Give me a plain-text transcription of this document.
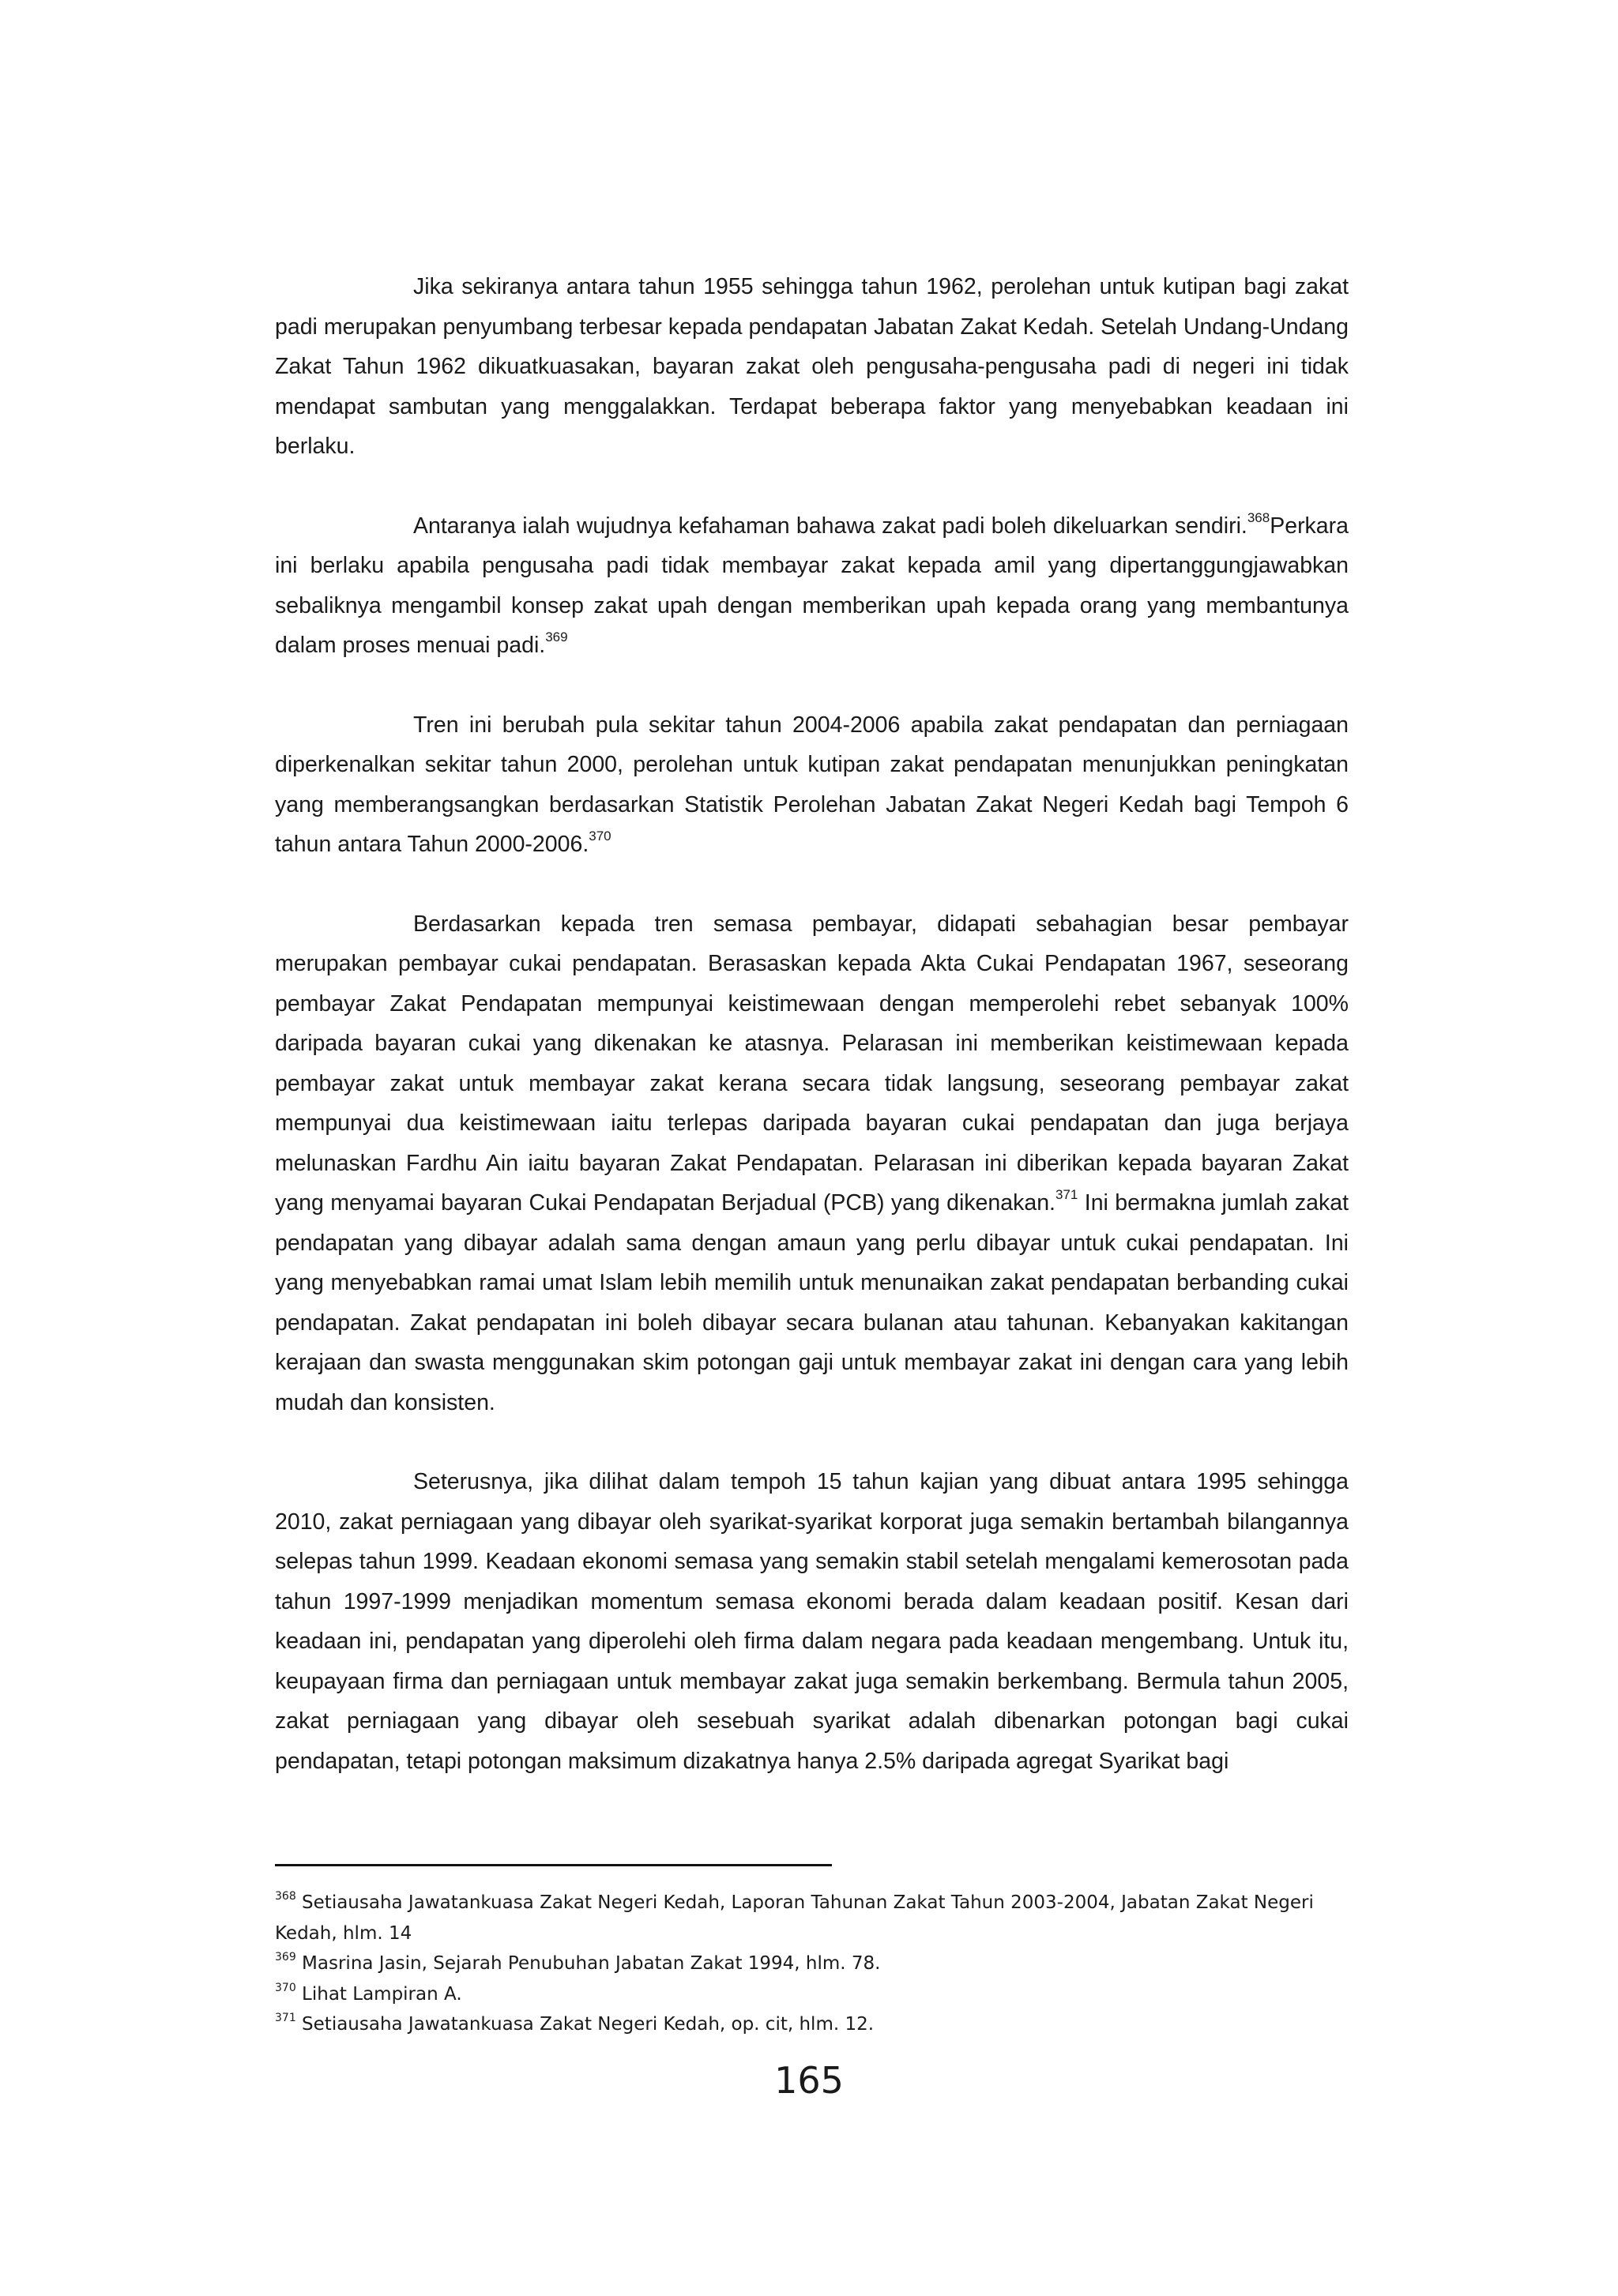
Jika sekiranya antara tahun 1955 sehingga tahun 1962, perolehan untuk kutipan bagi zakat padi merupakan penyumbang terbesar kepada pendapatan Jabatan Zakat Kedah. Setelah Undang-Undang Zakat Tahun 1962 dikuatkuasakan, bayaran zakat oleh pengusaha-pengusaha padi di negeri ini tidak mendapat sambutan yang menggalakkan. Terdapat beberapa faktor yang menyebabkan keadaan ini berlaku.

Antaranya ialah wujudnya kefahaman bahawa zakat padi boleh dikeluarkan sendiri.$^{368}$Perkara ini berlaku apabila pengusaha padi tidak membayar zakat kepada amil yang dipertanggungjawabkan sebaliknya mengambil konsep zakat upah dengan memberikan upah kepada orang yang membantunya dalam proses menuai padi.$^{369}$

Tren ini berubah pula sekitar tahun 2004-2006 apabila zakat pendapatan dan perniagaan diperkenalkan sekitar tahun 2000, perolehan untuk kutipan zakat pendapatan menunjukkan peningkatan yang memberangsangkan berdasarkan Statistik Perolehan Jabatan Zakat Negeri Kedah bagi Tempoh 6 tahun antara Tahun 2000-2006.$^{370}$

Berdasarkan kepada tren semasa pembayar, didapati sebahagian besar pembayar merupakan pembayar cukai pendapatan. Berasaskan kepada Akta Cukai Pendapatan 1967, seseorang pembayar Zakat Pendapatan mempunyai keistimewaan dengan memperolehi rebet sebanyak 100% daripada bayaran cukai yang dikenakan ke atasnya. Pelarasan ini memberikan keistimewaan kepada pembayar zakat untuk membayar zakat kerana secara tidak langsung, seseorang pembayar zakat mempunyai dua keistimewaan iaitu terlepas daripada bayaran cukai pendapatan dan juga berjaya melunaskan Fardhu Ain iaitu bayaran Zakat Pendapatan. Pelarasan ini diberikan kepada bayaran Zakat yang menyamai bayaran Cukai Pendapatan Berjadual (PCB) yang dikenakan.$^{371}$ Ini bermakna jumlah zakat pendapatan yang dibayar adalah sama dengan amaun yang perlu dibayar untuk cukai pendapatan. Ini yang menyebabkan ramai umat Islam lebih memilih untuk menunaikan zakat pendapatan berbanding cukai pendapatan. Zakat pendapatan ini boleh dibayar secara bulanan atau tahunan. Kebanyakan kakitangan kerajaan dan swasta menggunakan skim potongan gaji untuk membayar zakat ini dengan cara yang lebih mudah dan konsisten.

Seterusnya, jika dilihat dalam tempoh 15 tahun kajian yang dibuat antara 1995 sehingga 2010, zakat perniagaan yang dibayar oleh syarikat-syarikat korporat juga semakin bertambah bilangannya selepas tahun 1999. Keadaan ekonomi semasa yang semakin stabil setelah mengalami kemerosotan pada tahun 1997-1999 menjadikan momentum semasa ekonomi berada dalam keadaan positif. Kesan dari keadaan ini, pendapatan yang diperolehi oleh firma dalam negara pada keadaan mengembang. Untuk itu, keupayaan firma dan perniagaan untuk membayar zakat juga semakin berkembang. Bermula tahun 2005, zakat perniagaan yang dibayar oleh sesebuah syarikat adalah dibenarkan potongan bagi cukai pendapatan, tetapi potongan maksimum dizakatnya hanya 2.5% daripada agregat Syarikat bagi

$^{368}$ Setiausaha Jawatankuasa Zakat Negeri Kedah, Laporan Tahunan Zakat Tahun 2003-2004, Jabatan Zakat Negeri Kedah, hlm. 14

$^{369}$ Masrina Jasin, Sejarah Penubuhan Jabatan Zakat 1994, hlm. 78.

$^{370}$ Lihat Lampiran A.

$^{371}$ Setiausaha Jawatankuasa Zakat Negeri Kedah, op. cit, hlm. 12.

165
